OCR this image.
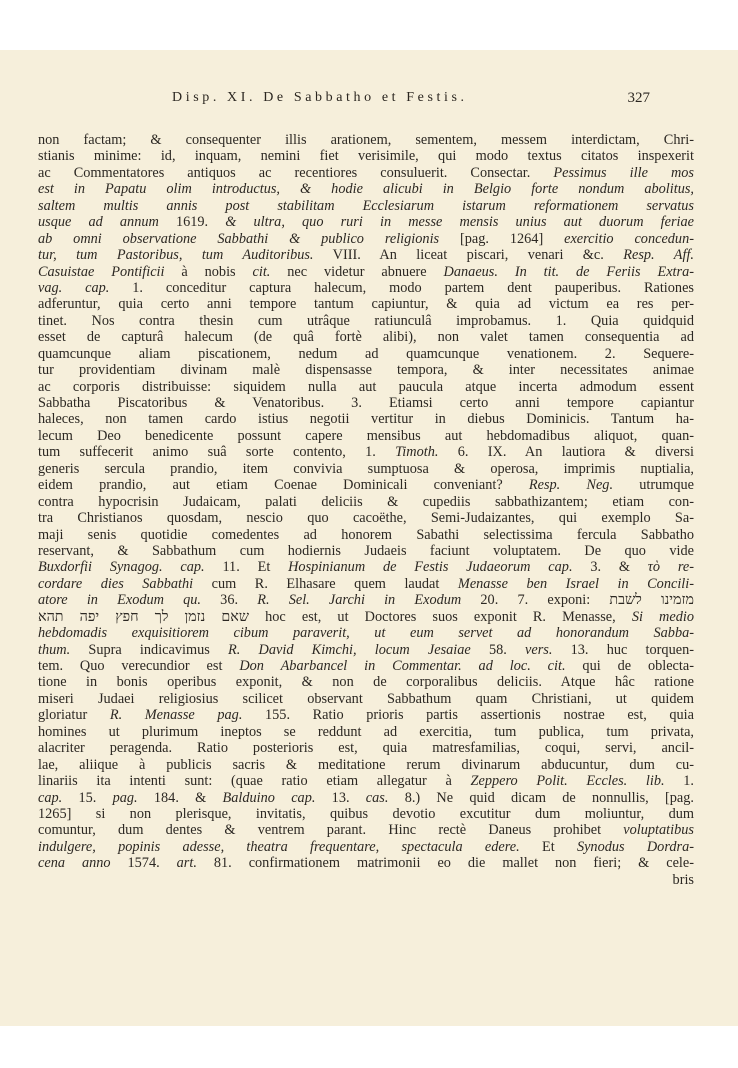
Disp. XI. De Sabbatho et Festis.	327
non factam; & consequenter illis arationem, sementem, messem interdictam, Chri-
stianis minime: id, inquam, nemini fiet verisimile, qui modo textus citatos inspexerit
ac Commentatores antiquos ac recentiores consuluerit. Consectar. Pessimus ille mos
est in Papatu olim introductus, & hodie alicubi in Belgio forte nondum abolitus,
saltem multis annis post stabilitam Ecclesiarum istarum reformationem servatus
usque ad annum 1619. & ultra, quo ruri in messe mensis unius aut duorum feriae
ab omni observatione Sabbathi & publico religionis [pag. 1264] exercitio concedun-
tur, tum Pastoribus, tum Auditoribus. VIII. An liceat piscari, venari &c. Resp. Aff.
Casuistae Pontificii à nobis cit. nec videtur abnuere Danaeus. In tit. de Feriis Extra-
vag. cap. 1. conceditur captura halecum, modo partem dent pauperibus. Rationes
adferuntur, quia certo anni tempore tantum capiuntur, & quia ad victum ea res per-
tinet. Nos contra thesin cum utrâque ratiunculâ improbamus. 1. Quia quidquid
esset de capturâ halecum (de quâ fortè alibi), non valet tamen consequentia ad
quamcunque aliam piscationem, nedum ad quamcunque venationem. 2. Sequere-
tur providentiam divinam malè dispensasse tempora, & inter necessitates animae
ac corporis distribuisse: siquidem nulla aut paucula atque incerta admodum essent
Sabbatha Piscatoribus & Venatoribus. 3. Etiamsi certo anni tempore capiantur
haleces, non tamen cardo istius negotii vertitur in diebus Dominicis. Tantum ha-
lecum Deo benedicente possunt capere mensibus aut hebdomadibus aliquot, quan-
tum suffecerit animo suâ sorte contento, 1. Timoth. 6. IX. An lautiora & diversi
generis sercula prandio, item convivia sumptuosa & operosa, imprimis nuptialia,
eidem prandio, aut etiam Coenae Dominicali conveniant? Resp. Neg. utrumque
contra hypocrisin Judaicam, palati deliciis & cupediis sabbathizantem; etiam con-
tra Christianos quosdam, nescio quo cacoëthe, Semi-Judaizantes, qui exemplo Sa-
maji senis quotidie comedentes ad honorem Sabathi selectissima fercula Sabbatho
reservant, & Sabbathum cum hodiernis Judaeis faciunt voluptatem. De quo vide
Buxdorfii Synagog. cap. 11. Et Hospinianum de Festis Judaeorum cap. 3. & τὸ re-
cordare dies Sabbathi cum R. Elhasare quem laudat Menasse ben Israel in Concili-
atore in Exodum qu. 36. R. Sel. Jarchi in Exodum 20. 7. exponi: מזמינו לשבת
שאם נזמן לך חפץ יפה תהא hoc est, ut Doctores suos exponit R. Menasse, Si medio
hebdomadis exquisitiorem cibum paraverit, ut eum servet ad honorandum Sabba-
thum. Supra indicavimus R. David Kimchi, locum Jesaiae 58. vers. 13. huc torquen-
tem. Quo verecundior est Don Abarbancel in Commentar. ad loc. cit. qui de oblecta-
tione in bonis operibus exponit, & non de corporalibus deliciis. Atque hâc ratione
miseri Judaei religiosius scilicet observant Sabbathum quam Christiani, ut quidem
gloriatur R. Menasse pag. 155. Ratio prioris partis assertionis nostrae est, quia
homines ut plurimum ineptos se reddunt ad exercitia, tum publica, tum privata,
alacriter peragenda. Ratio posterioris est, quia matresfamilias, coqui, servi, ancil-
lae, aliique à publicis sacris & meditatione rerum divinarum abducuntur, dum cu-
linariis ita intenti sunt: (quae ratio etiam allegatur à Zeppero Polit. Eccles. lib. 1.
cap. 15. pag. 184. & Balduino cap. 13. cas. 8.) Ne quid dicam de nonnullis, [pag.
1265] si non plerisque, invitatis, quibus devotio excutitur dum moliuntur, dum
comuntur, dum dentes & ventrem parant. Hinc rectè Daneus prohibet voluptatibus
indulgere, popinis adesse, theatra frequentare, spectacula edere. Et Synodus Dordra-
cena anno 1574. art. 81. confirmationem matrimonii eo die mallet non fieri; & cele-
bris
